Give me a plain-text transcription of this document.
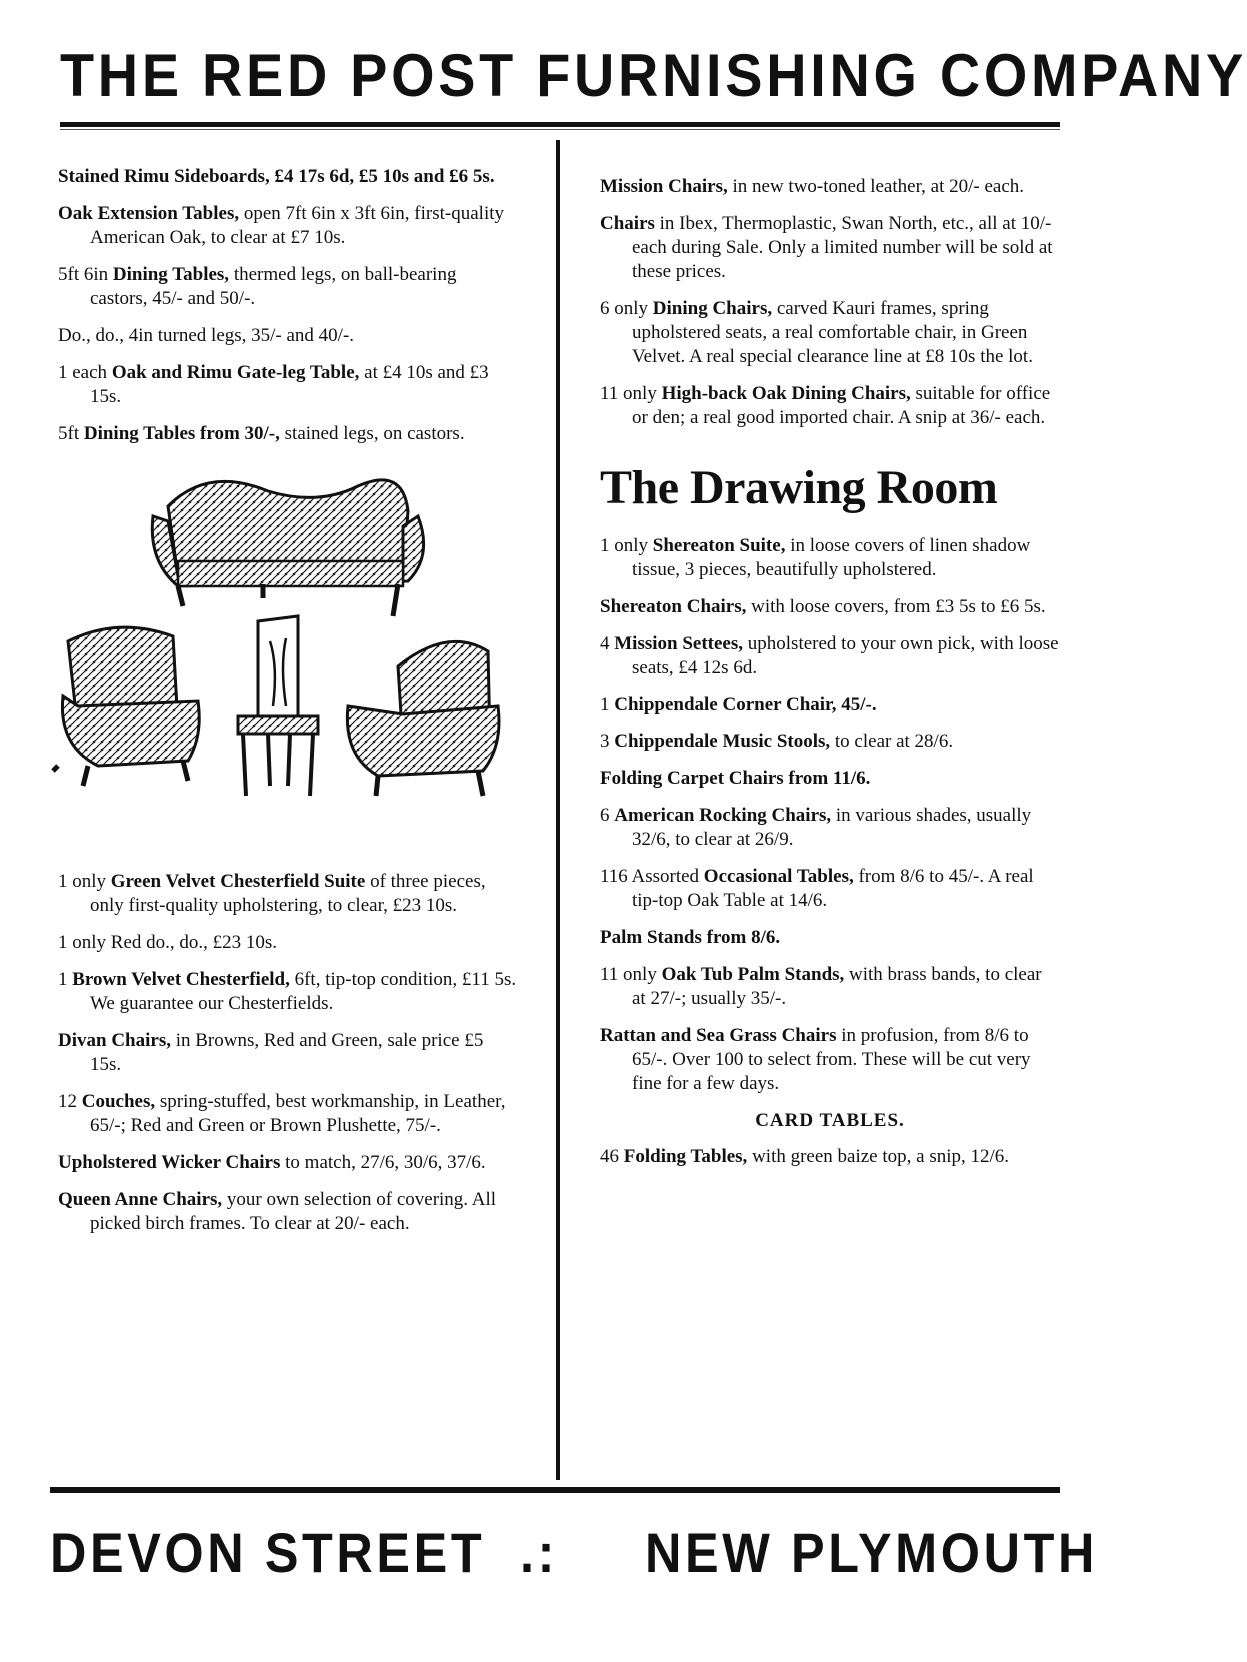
THE RED POST FURNISHING COMPANY
Stained Rimu Sideboards, £4 17s 6d, £5 10s and £6 5s.
Oak Extension Tables, open 7ft 6in x 3ft 6in, first-quality American Oak, to clear at £7 10s.
5ft 6in Dining Tables, thermed legs, on ball-bearing castors, 45/- and 50/-.
Do., do., 4in turned legs, 35/- and 40/-.
1 each Oak and Rimu Gate-leg Table, at £4 10s and £3 15s.
5ft Dining Tables from 30/-, stained legs, on castors.
1 only Green Velvet Chesterfield Suite of three pieces, only first-quality upholstering, to clear, £23 10s.
1 only Red do., do., £23 10s.
1 Brown Velvet Chesterfield, 6ft, tip-top condition, £11 5s. We guarantee our Chesterfields.
Divan Chairs, in Browns, Red and Green, sale price £5 15s.
12 Couches, spring-stuffed, best workmanship, in Leather, 65/-; Red and Green or Brown Plushette, 75/-.
Upholstered Wicker Chairs to match, 27/6, 30/6, 37/6.
Queen Anne Chairs, your own selection of covering. All picked birch frames. To clear at 20/- each.
Mission Chairs, in new two-toned leather, at 20/- each.
Chairs in Ibex, Thermoplastic, Swan North, etc., all at 10/- each during Sale. Only a limited number will be sold at these prices.
6 only Dining Chairs, carved Kauri frames, spring upholstered seats, a real comfortable chair, in Green Velvet. A real special clearance line at £8 10s the lot.
11 only High-back Oak Dining Chairs, suitable for office or den; a real good imported chair. A snip at 36/- each.
The Drawing Room
1 only Shereaton Suite, in loose covers of linen shadow tissue, 3 pieces, beautifully upholstered.
Shereaton Chairs, with loose covers, from £3 5s to £6 5s.
4 Mission Settees, upholstered to your own pick, with loose seats, £4 12s 6d.
1 Chippendale Corner Chair, 45/-.
3 Chippendale Music Stools, to clear at 28/6.
Folding Carpet Chairs from 11/6.
6 American Rocking Chairs, in various shades, usually 32/6, to clear at 26/9.
116 Assorted Occasional Tables, from 8/6 to 45/-. A real tip-top Oak Table at 14/6.
Palm Stands from 8/6.
11 only Oak Tub Palm Stands, with brass bands, to clear at 27/-; usually 35/-.
Rattan and Sea Grass Chairs in profusion, from 8/6 to 65/-. Over 100 to select from. These will be cut very fine for a few days.
CARD TABLES.
46 Folding Tables, with green baize top, a snip, 12/6.
DEVON STREET .: NEW PLYMOUTH
